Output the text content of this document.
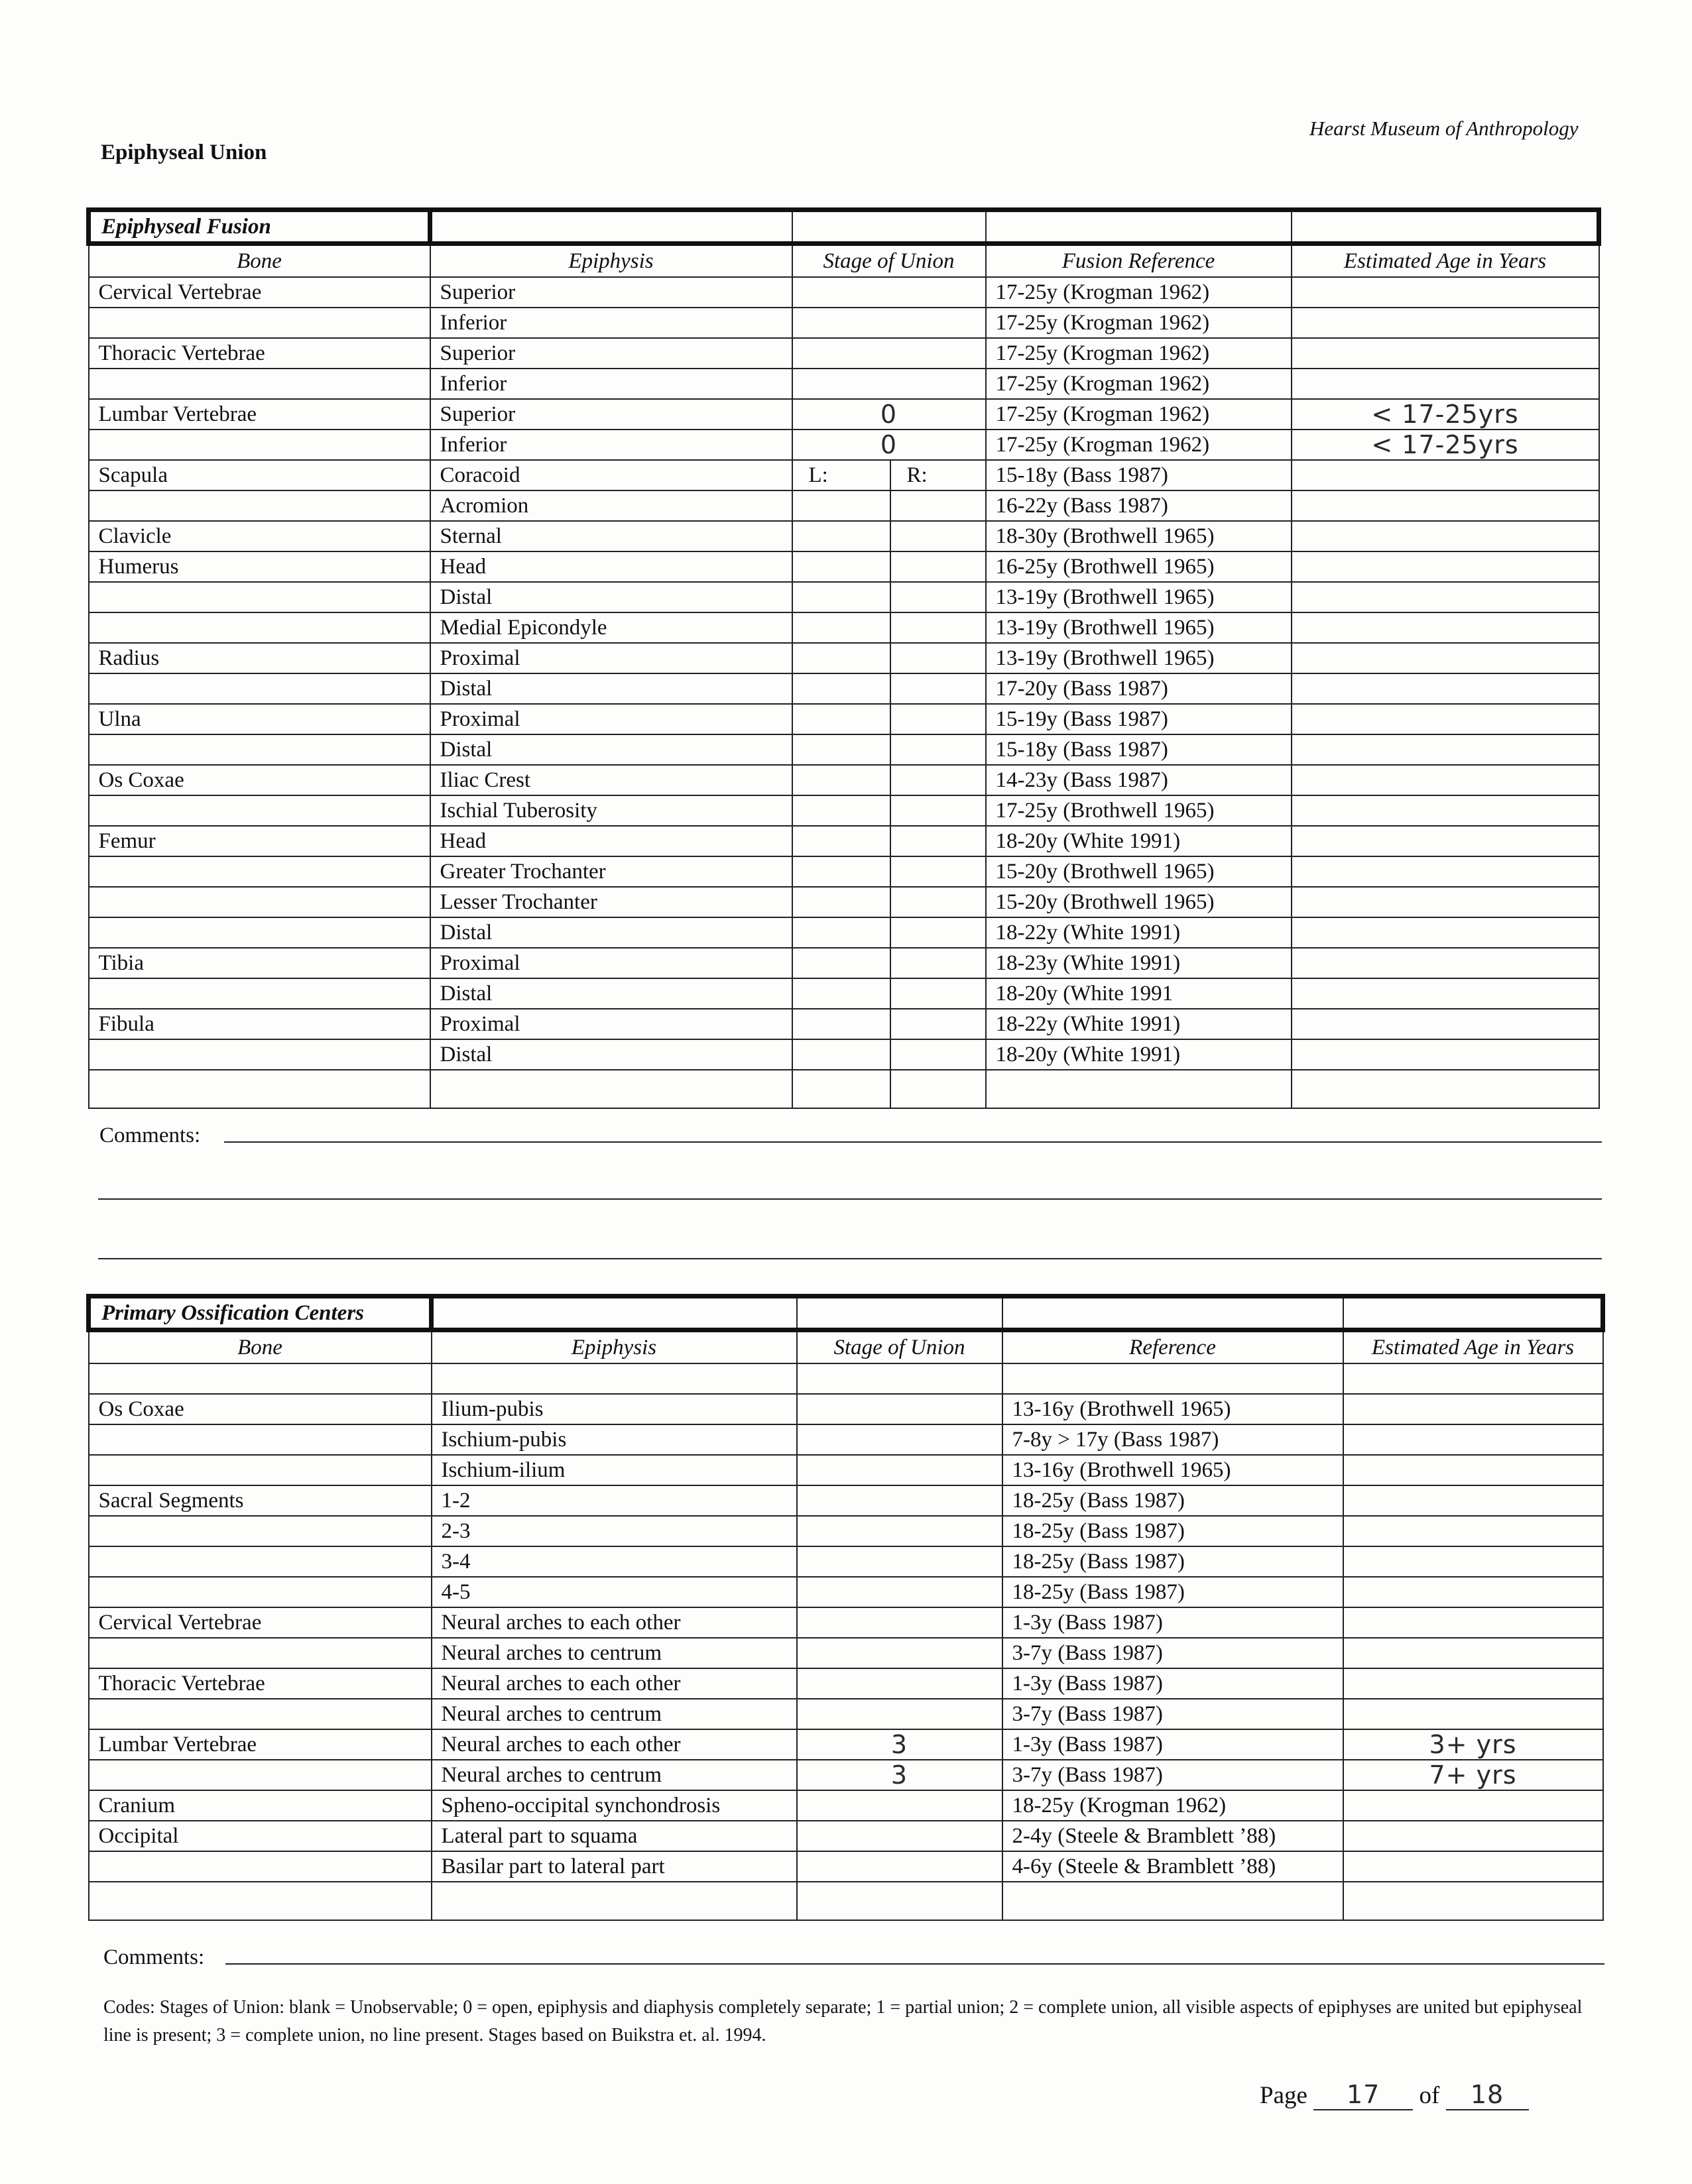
Epiphyseal Union
Hearst Museum of Anthropology
Epiphyseal Fusion					
Bone	Epiphysis	Stage of Union		Fusion Reference	Estimated Age in Years
Cervical Vertebrae	Superior			17-25y (Krogman 1962)	
	Inferior			17-25y (Krogman 1962)	
Thoracic Vertebrae	Superior			17-25y (Krogman 1962)	
	Inferior			17-25y (Krogman 1962)	
Lumbar Vertebrae	Superior	0		17-25y (Krogman 1962)	< 17-25yrs
	Inferior	0		17-25y (Krogman 1962)	< 17-25yrs
Scapula	Coracoid	L:	R:	15-18y (Bass 1987)	
	Acromion			16-22y (Bass 1987)	
Clavicle	Sternal			18-30y (Brothwell 1965)	
Humerus	Head			16-25y (Brothwell 1965)	
	Distal			13-19y (Brothwell 1965)	
	Medial Epicondyle			13-19y (Brothwell 1965)	
Radius	Proximal			13-19y (Brothwell 1965)	
	Distal			17-20y (Bass 1987)	
Ulna	Proximal			15-19y (Bass 1987)	
	Distal			15-18y (Bass 1987)	
Os Coxae	Iliac Crest			14-23y (Bass 1987)	
	Ischial Tuberosity			17-25y (Brothwell 1965)	
Femur	Head			18-20y (White 1991)	
	Greater Trochanter			15-20y (Brothwell 1965)	
	Lesser Trochanter			15-20y (Brothwell 1965)	
	Distal			18-22y (White 1991)	
Tibia	Proximal			18-23y (White 1991)	
	Distal			18-20y (White 1991	
Fibula	Proximal			18-22y (White 1991)	
	Distal			18-20y (White 1991)	

Comments:
Primary Ossification Centers				
Bone	Epiphysis	Stage of Union	Reference	Estimated Age in Years

Os Coxae	Ilium-pubis		13-16y (Brothwell 1965)	
	Ischium-pubis		7-8y > 17y (Bass 1987)	
	Ischium-ilium		13-16y (Brothwell 1965)	
Sacral Segments	1-2		18-25y (Bass 1987)	
	2-3		18-25y (Bass 1987)	
	3-4		18-25y (Bass 1987)	
	4-5		18-25y (Bass 1987)	
Cervical Vertebrae	Neural arches to each other		1-3y (Bass 1987)	
	Neural arches to centrum		3-7y (Bass 1987)	
Thoracic Vertebrae	Neural arches to each other		1-3y (Bass 1987)	
	Neural arches to centrum		3-7y (Bass 1987)	
Lumbar Vertebrae	Neural arches to each other	3	1-3y (Bass 1987)	3+ yrs
	Neural arches to centrum	3	3-7y (Bass 1987)	7+ yrs
Cranium	Spheno-occipital synchondrosis		18-25y (Krogman 1962)	
Occipital	Lateral part to squama		2-4y (Steele & Bramblett ’88)	
	Basilar part to lateral part		4-6y (Steele & Bramblett ’88)	

Comments:
Codes: Stages of Union: blank = Unobservable; 0 = open, epiphysis and diaphysis completely separate; 1 = partial union; 2 = complete union, all visible aspects of epiphyses are united but epiphyseal line is present; 3 = complete union, no line present. Stages based on Buikstra et. al. 1994.
Page 17 of 18
